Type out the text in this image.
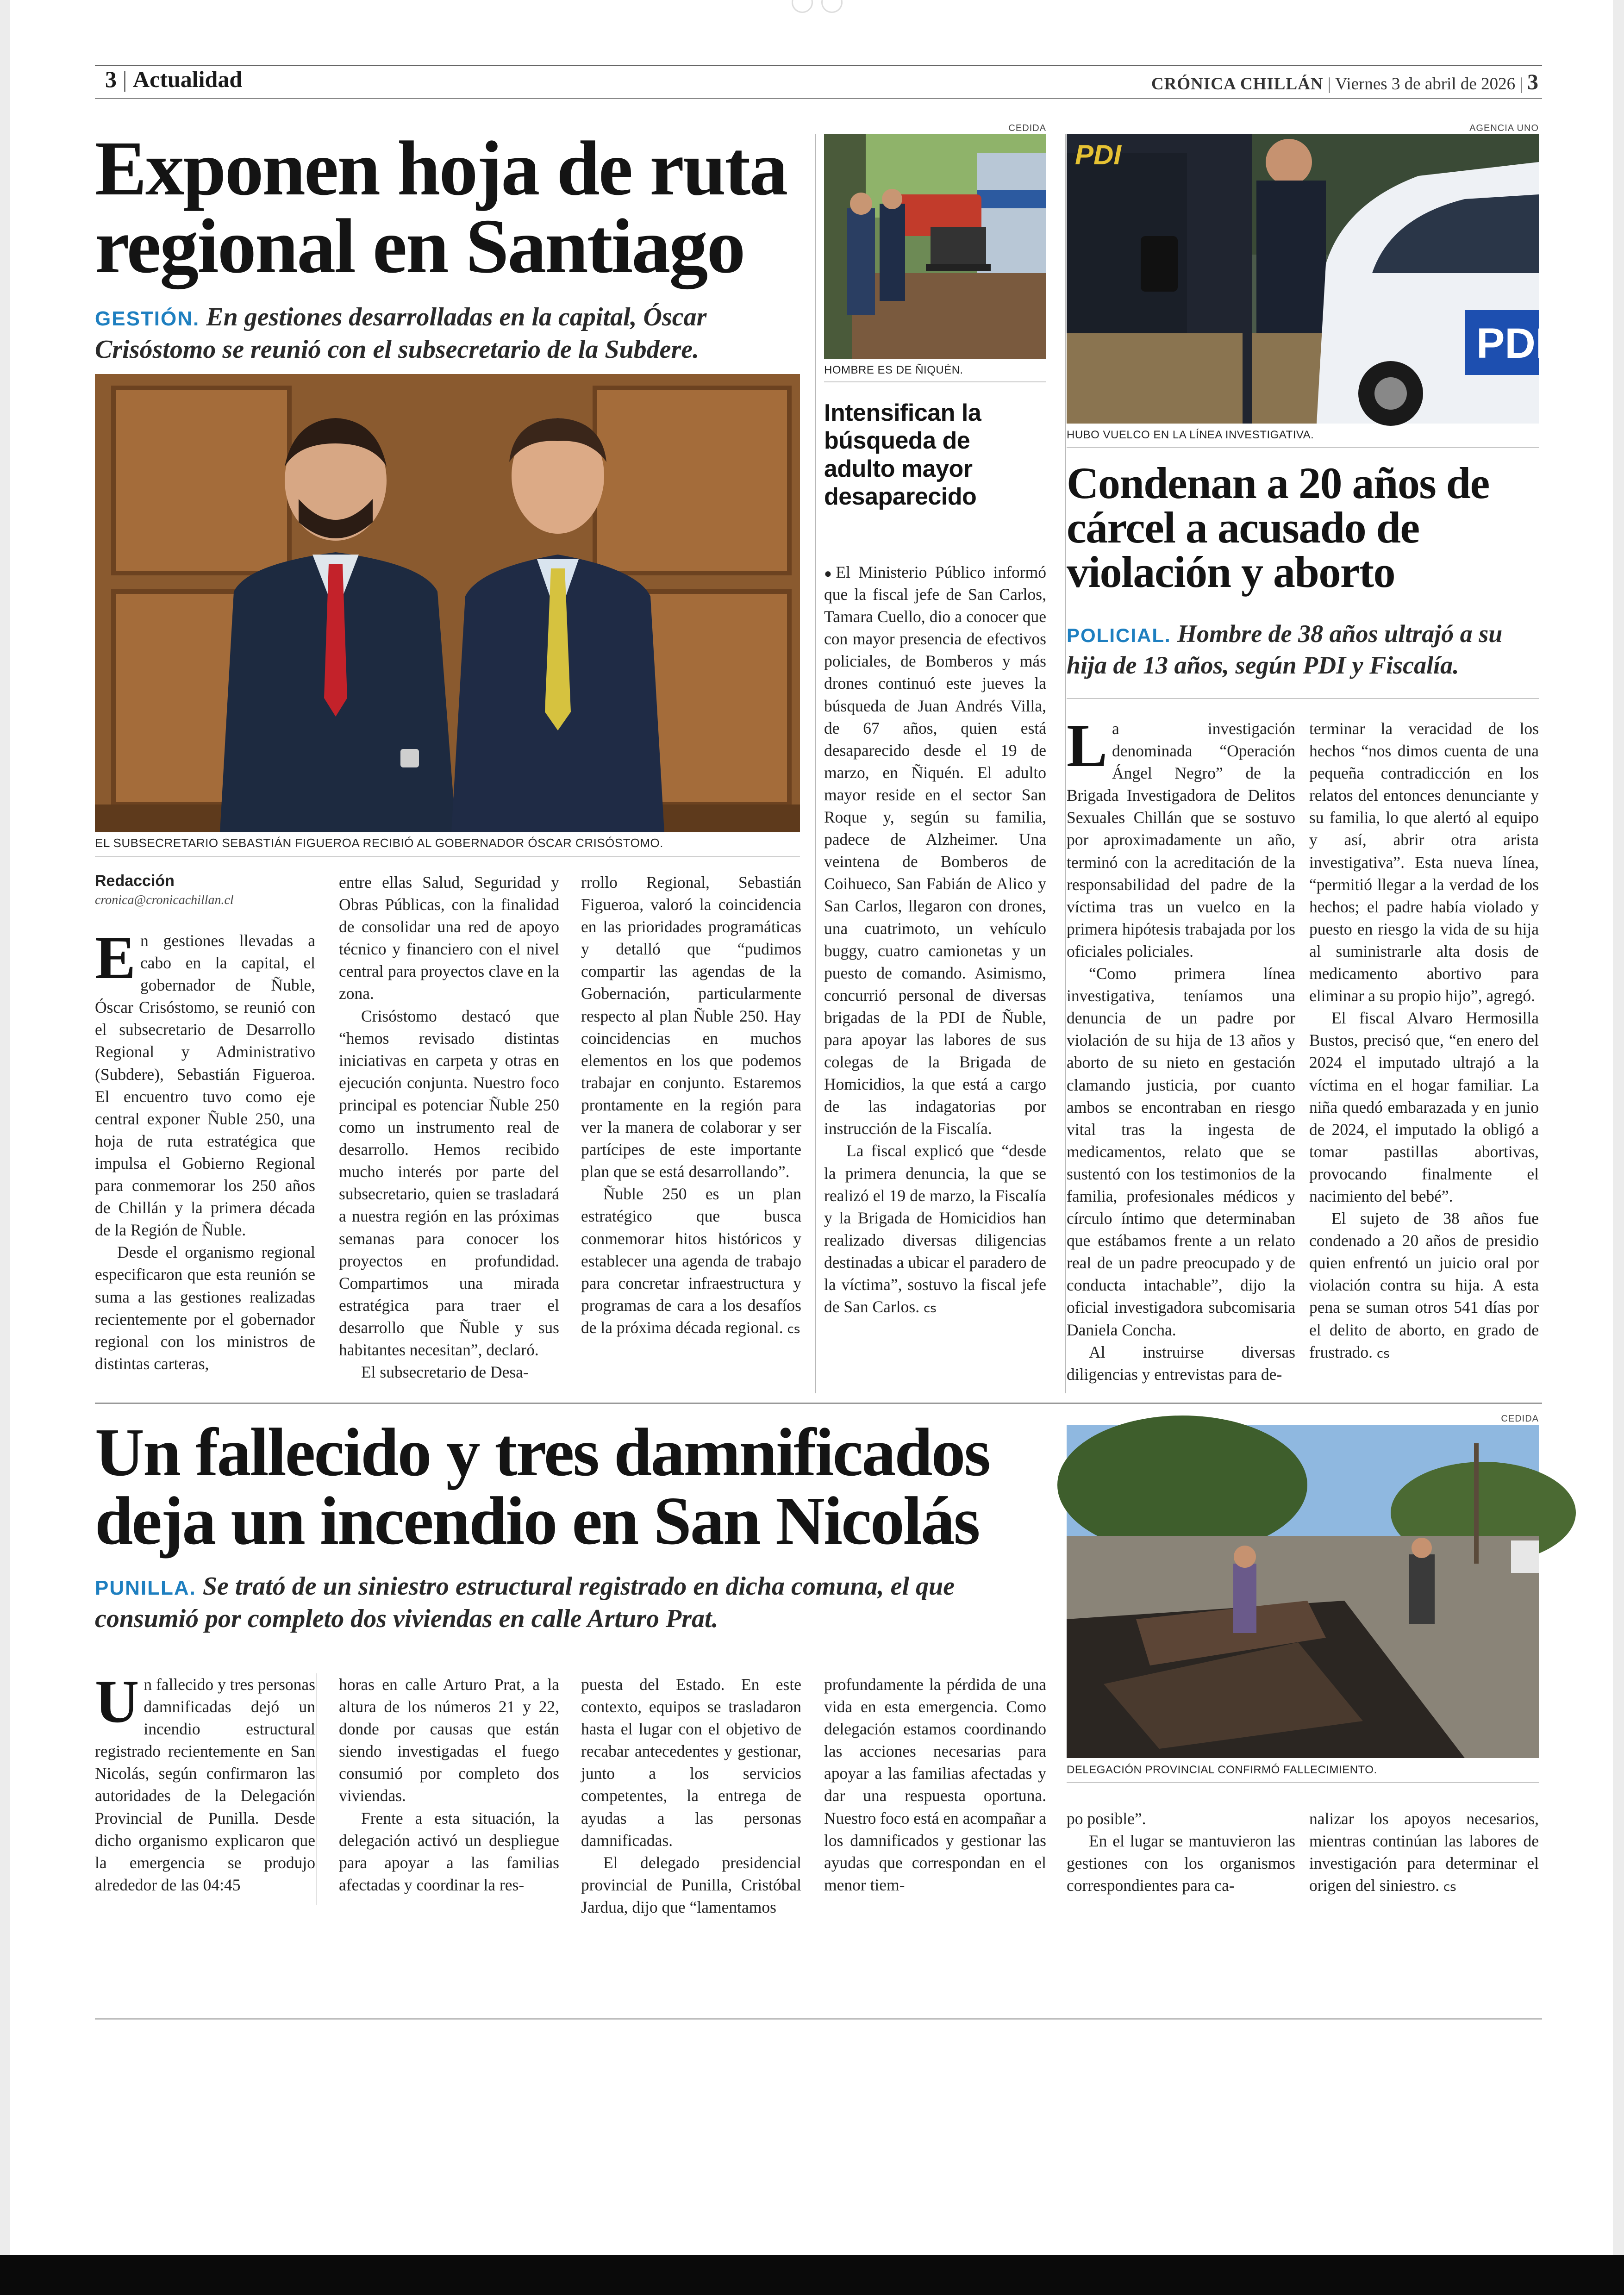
3 | Actualidad	CRÓNICA CHILLÁN | Viernes 3 de abril de 2026 | 3
Exponen hoja de ruta
regional en Santiago
GESTIÓN. En gestiones desarrolladas en la capital, Óscar Crisóstomo se reunió con el subsecretario de la Subdere.
EL SUBSECRETARIO SEBASTIÁN FIGUEROA RECIBIÓ AL GOBERNADOR ÓSCAR CRISÓSTOMO.
Redacción
cronica@cronicachillan.cl

En gestiones llevadas a cabo en la capital, el gobernador de Ñuble, Óscar Crisóstomo, se reunió con el subsecretario de Desarrollo Regional y Administrativo (Subdere), Sebastián Figueroa. El encuentro tuvo como eje central exponer Ñuble 250, una hoja de ruta estratégica que impulsa el Gobierno Regional para conmemorar los 250 años de Chillán y la primera década de la Región de Ñuble.

Desde el organismo regional especificaron que esta reunión se suma a las gestiones realizadas recientemente por el gobernador regional con los ministros de distintas carteras,

entre ellas Salud, Seguridad y Obras Públicas, con la finalidad de consolidar una red de apoyo técnico y financiero con el nivel central para proyectos clave en la zona.

Crisóstomo destacó que “hemos revisado distintas iniciativas en carpeta y otras en ejecución conjunta. Nuestro foco principal es potenciar Ñuble 250 como un instrumento real de desarrollo. Hemos recibido mucho interés por parte del subsecretario, quien se trasladará a nuestra región en las próximas semanas para conocer los proyectos en profundidad. Compartimos una mirada estratégica para traer el desarrollo que Ñuble y sus habitantes necesitan”, declaró.

El subsecretario de Desa-

rrollo Regional, Sebastián Figueroa, valoró la coincidencia en las prioridades programáticas y detalló que “pudimos compartir las agendas de la Gobernación, particularmente respecto al plan Ñuble 250. Hay coincidencias en muchos elementos en los que podemos trabajar en conjunto. Estaremos prontamente en la región para ver la manera de colaborar y ser partícipes de este importante plan que se está desarrollando”.

Ñuble 250 es un plan estratégico que busca conmemorar hitos históricos y establecer una agenda de trabajo para concretar infraestructura y programas de cara a los desafíos de la próxima década regional. cs

CEDIDA
HOMBRE ES DE ÑIQUÉN.
Intensifican la búsqueda de adulto mayor desaparecido

●El Ministerio Público informó que la fiscal jefe de San Carlos, Tamara Cuello, dio a conocer que con mayor presencia de efectivos policiales, de Bomberos y más drones continuó este jueves la búsqueda de Juan Andrés Villa, de 67 años, quien está desaparecido desde el 19 de marzo, en Ñiquén. El adulto mayor reside en el sector San Roque y, según su familia, padece de Alzheimer. Una veintena de Bomberos de Coihueco, San Fabián de Alico y San Carlos, llegaron con drones, una cuatrimoto, un vehículo buggy, cuatro camionetas y un puesto de comando. Asimismo, concurrió personal de diversas brigadas de la PDI de Ñuble, para apoyar las labores de sus colegas de la Brigada de Homicidios, la que está a cargo de las indagatorias por instrucción de la Fiscalía.

La fiscal explicó que “desde la primera denuncia, la que se realizó el 19 de marzo, la Fiscalía y la Brigada de Homicidios han realizado diversas diligencias destinadas a ubicar el paradero de la víctima”, sostuvo la fiscal jefe de San Carlos. cs

AGENCIA UNO
PDI
PDI
HUBO VUELCO EN LA LÍNEA INVESTIGATIVA.
Condenan a 20 años de
cárcel a acusado de
violación y aborto
POLICIAL. Hombre de 38 años ultrajó a su hija de 13 años, según PDI y Fiscalía.

La investigación denominada “Operación Ángel Negro” de la Brigada Investigadora de Delitos Sexuales Chillán que se sostuvo por aproximadamente un año, terminó con la acreditación de la responsabilidad del padre de la víctima tras un vuelco en la primera hipótesis trabajada por los oficiales policiales.

“Como primera línea investigativa, teníamos una denuncia de un padre por violación de su hija de 13 años y aborto de su nieto en gestación clamando justicia, por cuanto ambos se encontraban en riesgo vital tras la ingesta de medicamentos, relato que se sustentó con los testimonios de la familia, profesionales médicos y círculo íntimo que determinaban que estábamos frente a un relato real de un padre preocupado y de conducta intachable”, dijo la oficial investigadora subcomisaria Daniela Concha.

Al instruirse diversas diligencias y entrevistas para de-

terminar la veracidad de los hechos “nos dimos cuenta de una pequeña contradicción en los relatos del entonces denunciante y su familia, lo que alertó al equipo y así, abrir otra arista investigativa”. Esta nueva línea, “permitió llegar a la verdad de los hechos; el padre había violado y puesto en riesgo la vida de su hija al suministrarle alta dosis de medicamento abortivo para eliminar a su propio hijo”, agregó.

El fiscal Alvaro Hermosilla Bustos, precisó que, “en enero del 2024 el imputado ultrajó a la víctima en el hogar familiar. La niña quedó embarazada y en junio de 2024, el imputado la obligó a tomar pastillas abortivas, provocando finalmente el nacimiento del bebé”.

El sujeto de 38 años fue condenado a 20 años de presidio quien enfrentó un juicio oral por violación contra su hija. A esta pena se suman otros 541 días por el delito de aborto, en grado de frustrado. cs

Un fallecido y tres damnificados
deja un incendio en San Nicolás
PUNILLA. Se trató de un siniestro estructural registrado en dicha comuna, el que
consumió por completo dos viviendas en calle Arturo Prat.
CEDIDA
DELEGACIÓN PROVINCIAL CONFIRMÓ FALLECIMIENTO.

Un fallecido y tres personas damnificadas dejó un incendio estructural registrado recientemente en San Nicolás, según confirmaron las autoridades de la Delegación Provincial de Punilla. Desde dicho organismo explicaron que la emergencia se produjo alrededor de las 04:45

horas en calle Arturo Prat, a la altura de los números 21 y 22, donde por causas que están siendo investigadas el fuego consumió por completo dos viviendas.

Frente a esta situación, la delegación activó un despliegue para apoyar a las familias afectadas y coordinar la res-

puesta del Estado. En este contexto, equipos se trasladaron hasta el lugar con el objetivo de recabar antecedentes y gestionar, junto a los servicios competentes, la entrega de ayudas a las personas damnificadas.

El delegado presidencial provincial de Punilla, Cristóbal Jardua, dijo que “lamentamos

profundamente la pérdida de una vida en esta emergencia. Como delegación estamos coordinando las acciones necesarias para apoyar a las familias afectadas y dar una respuesta oportuna. Nuestro foco está en acompañar a los damnificados y gestionar las ayudas que correspondan en el menor tiem-

po posible”.

En el lugar se mantuvieron las gestiones con los organismos correspondientes para ca-

nalizar los apoyos necesarios, mientras continúan las labores de investigación para determinar el origen del siniestro. cs
